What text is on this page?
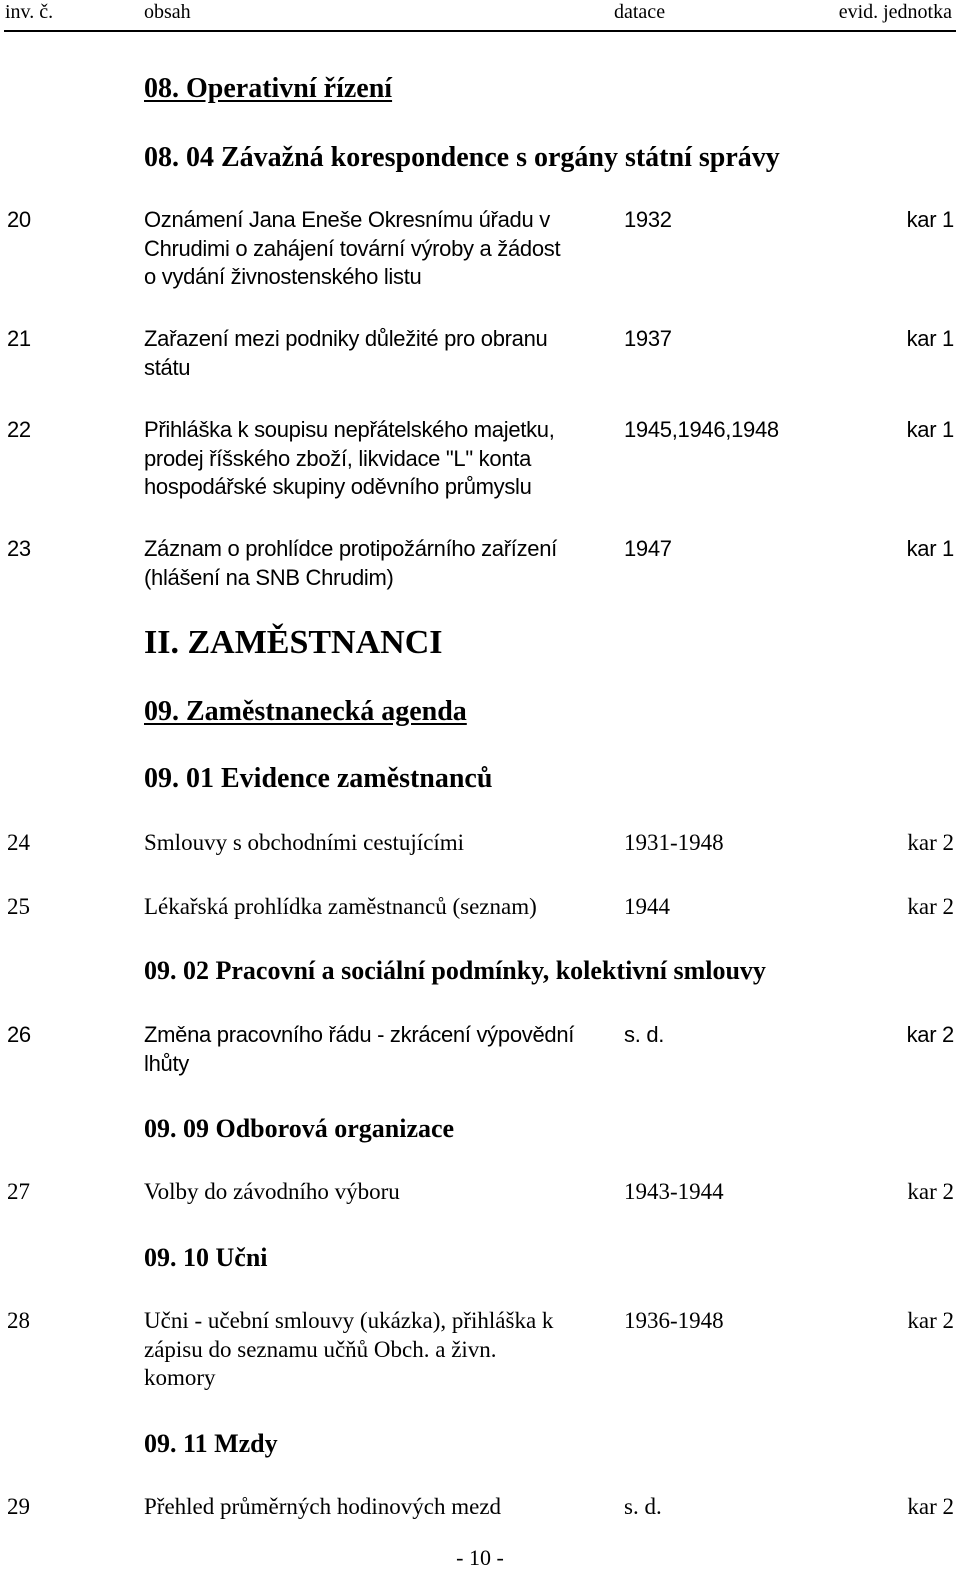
inv. č.	obsah	datace	evid. jednotka
08. Operativní řízení
08. 04 Závažná korespondence s orgány státní správy
20	Oznámení Jana Eneše Okresnímu úřadu v
Chrudimi o zahájení tovární výroby a žádost
o vydání živnostenského listu
1932	kar 1
21	Zařazení mezi podniky důležité pro obranu
státu
1937	kar 1
22	Přihláška k soupisu nepřátelského majetku,
prodej říšského zboží, likvidace "L" konta
hospodářské skupiny oděvního průmyslu
1945,1946,1948	kar 1
23	Záznam o prohlídce protipožárního zařízení
(hlášení na SNB Chrudim)
1947	kar 1
II. ZAMĚSTNANCI
09. Zaměstnanecká agenda
09. 01 Evidence zaměstnanců
24	Smlouvy s obchodními cestujícími	1931-1948	kar 2
25	Lékařská prohlídka zaměstnanců (seznam)	1944	kar 2
09. 02 Pracovní a sociální podmínky, kolektivní smlouvy
26	Změna pracovního řádu - zkrácení výpovědní
lhůty
s. d.	kar 2
09. 09 Odborová organizace
27	Volby do závodního výboru	1943-1944	kar 2
09. 10 Učni
28	Učni - učební smlouvy (ukázka), přihláška k
zápisu do seznamu učňů Obch. a živn.
komory
1936-1948	kar 2
09. 11 Mzdy
29	Přehled průměrných hodinových mezd	s. d.	kar 2
- 10 -
